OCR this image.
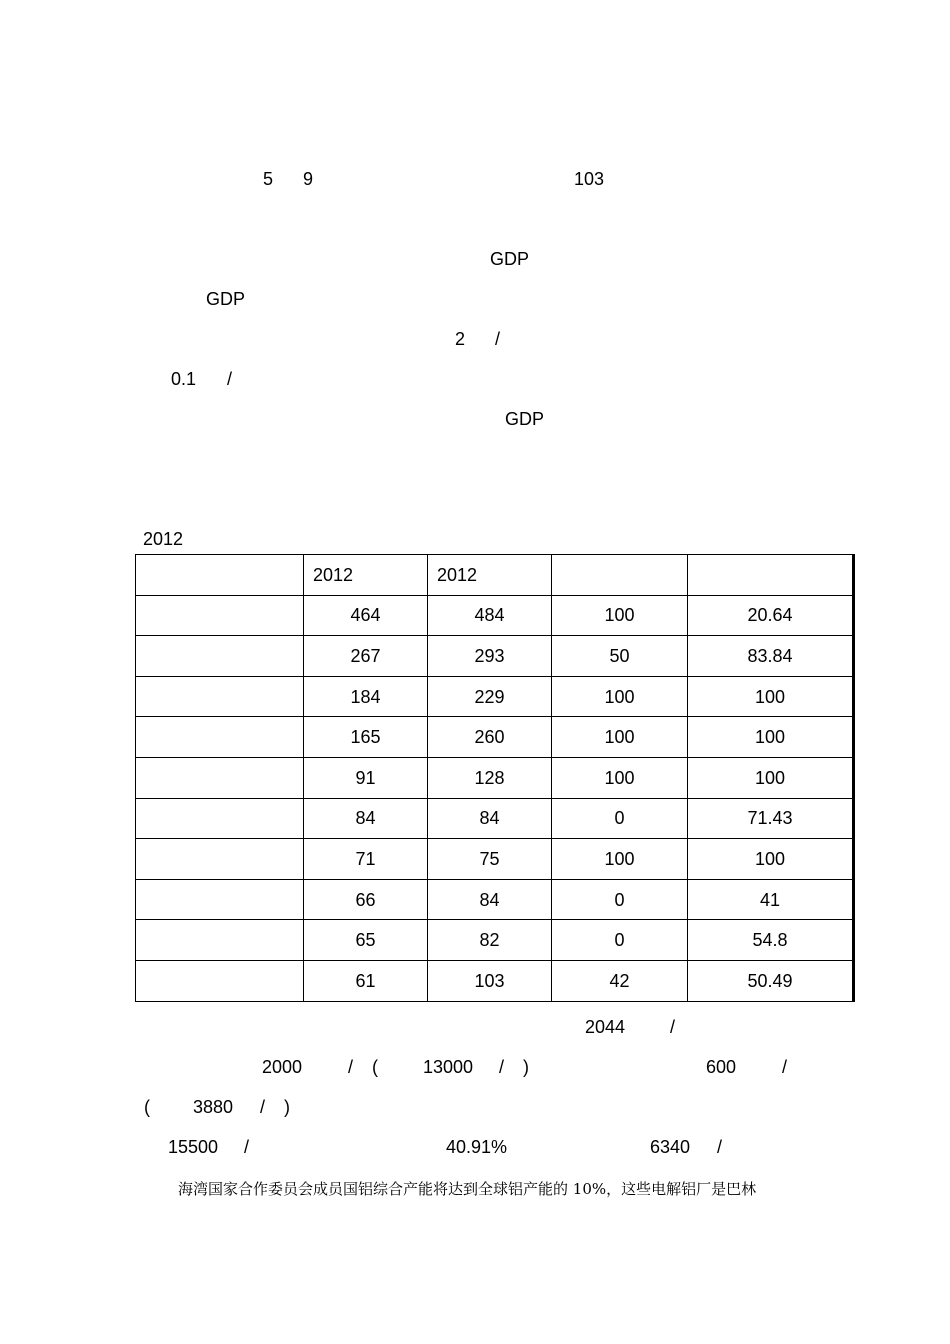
5 9	103
GDP
GDP
2 /
0.1 /
GDP
2012
	2012	2012		
	464	484	100	20.64
	267	293	50	83.84
	184	229	100	100
	165	260	100	100
	91	128	100	100
	84	84	0	71.43
	71	75	100	100
	66	84	0	41
	65	82	0	54.8
	61	103	42	50.49
2044 /
2000	/ (	13000 / )	600	/
( 3880 / )
15500 /	40.91%	6340 /
海湾国家合作委员会成员国铝综合产能将达到全球铝产能的 10%，这些电解铝厂是巴林
